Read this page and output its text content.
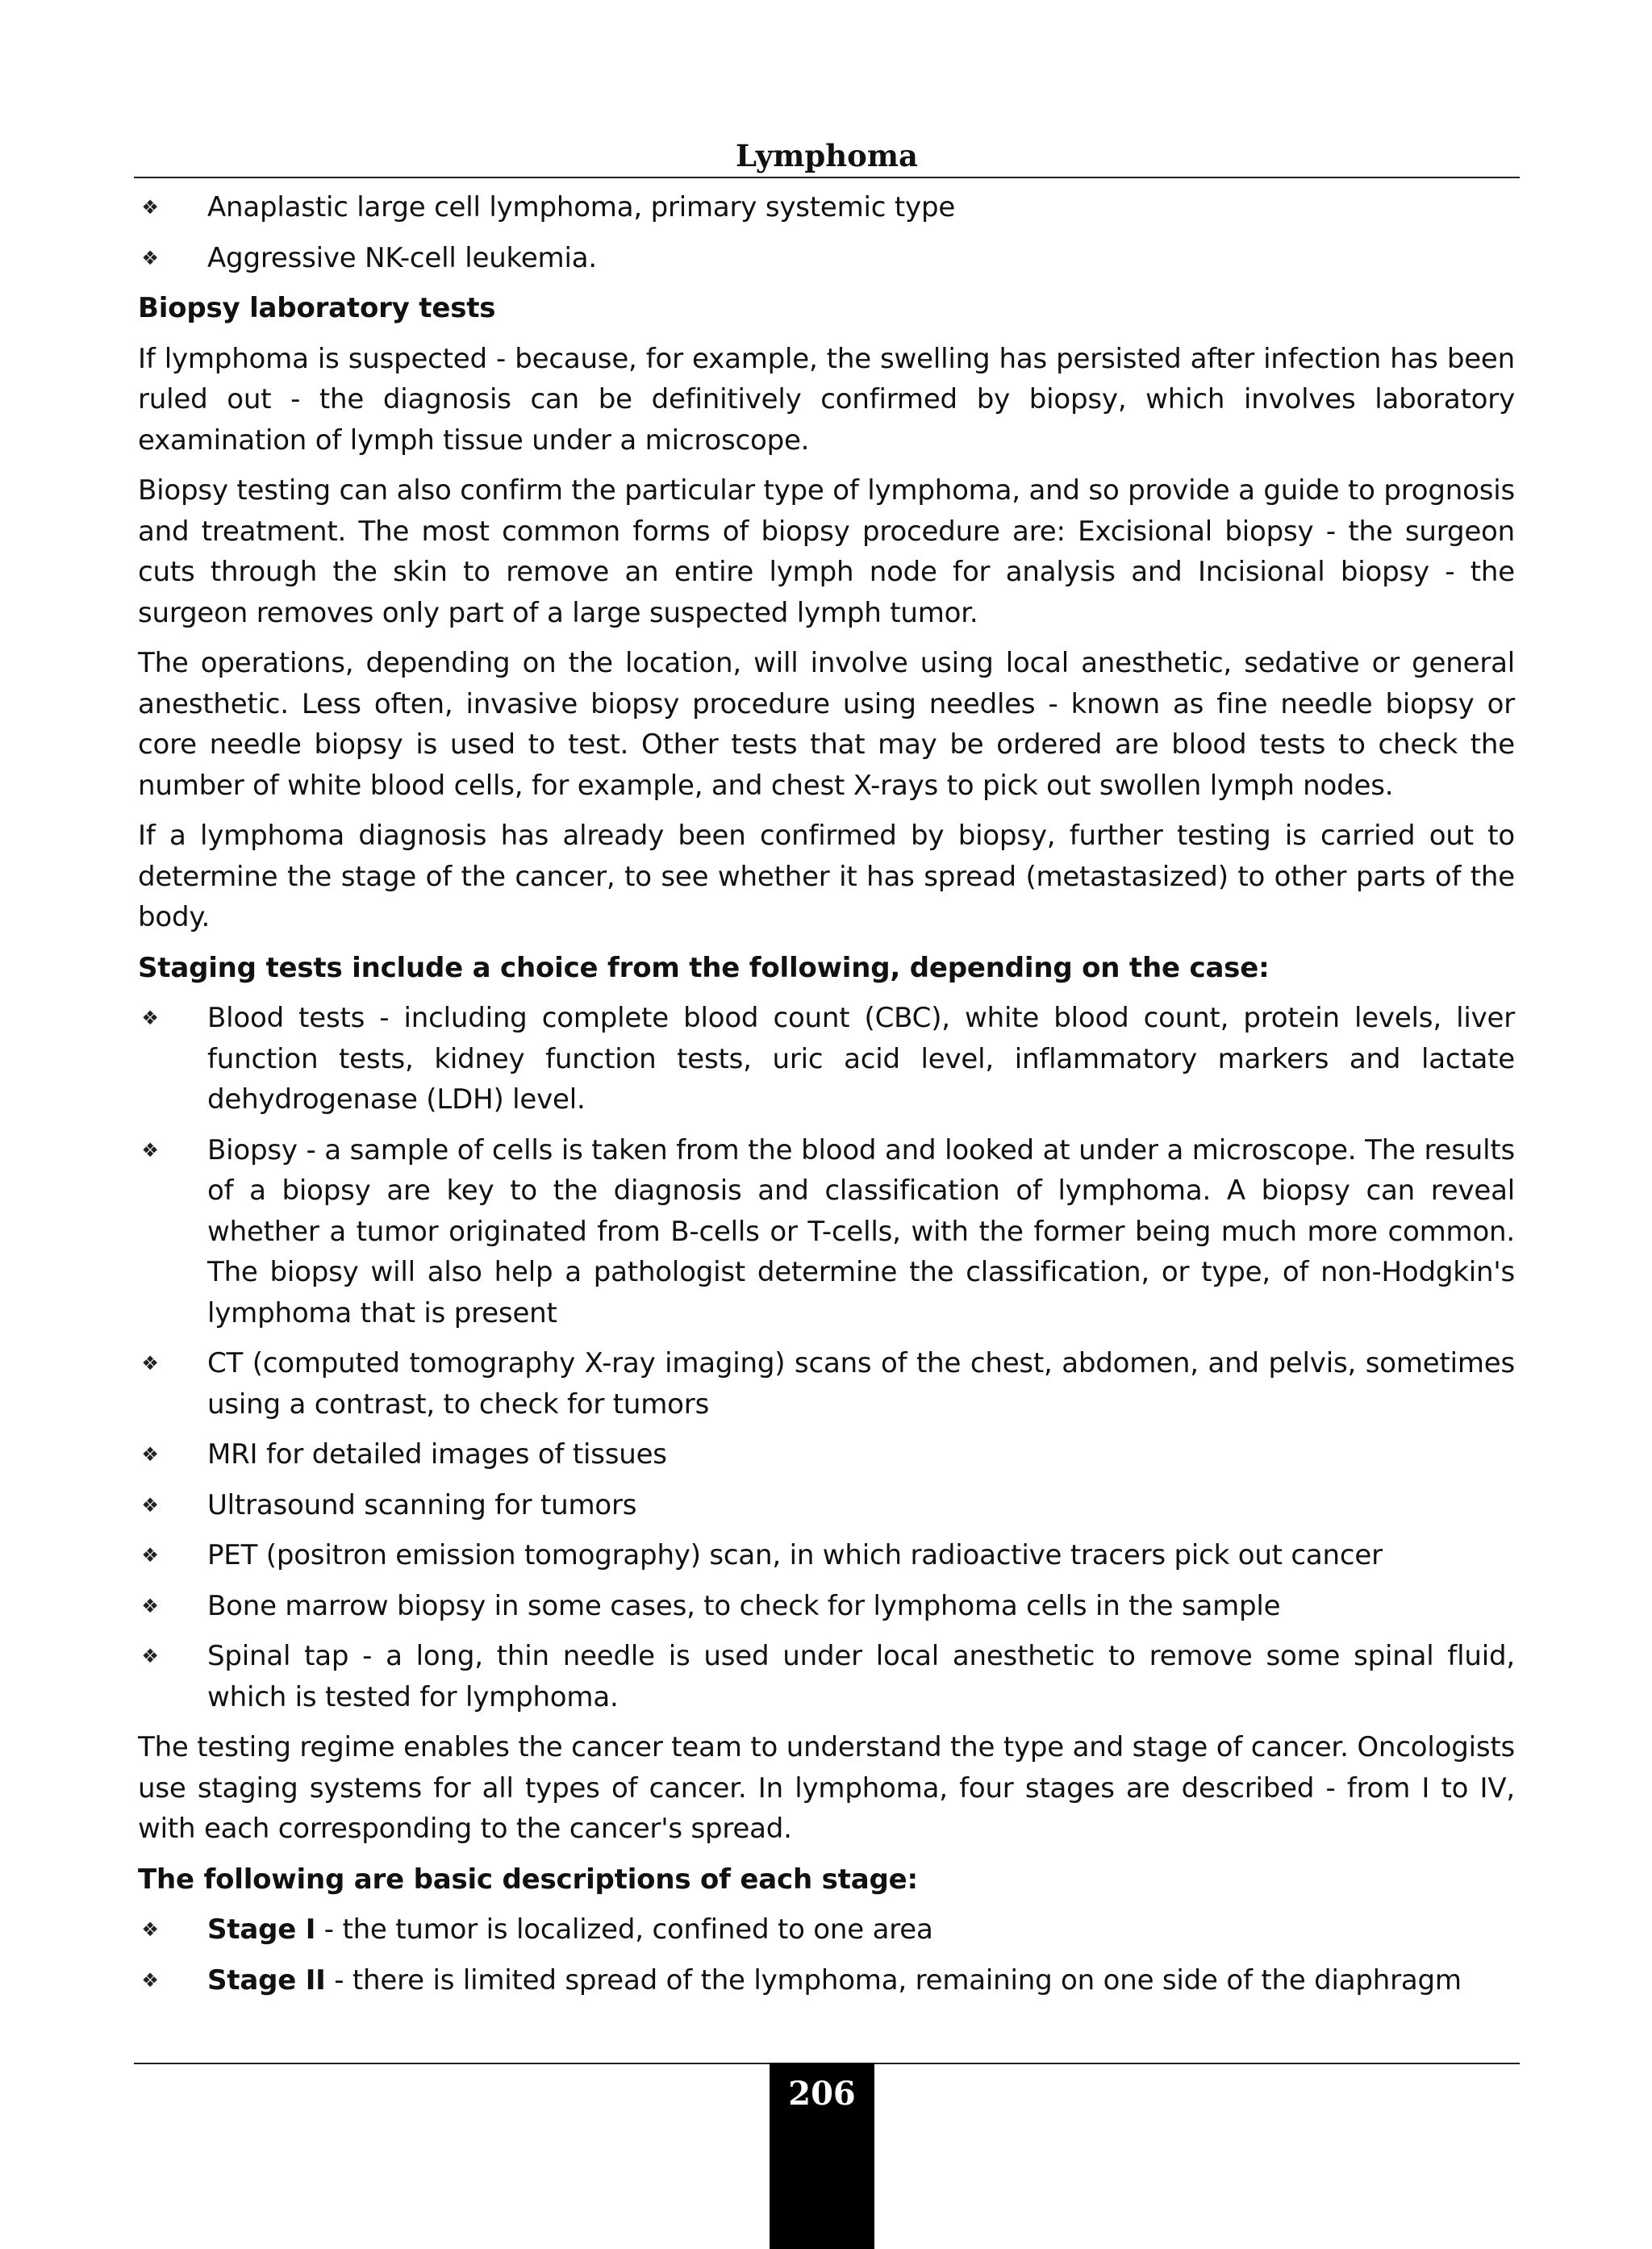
Lymphoma
❖ Anaplastic large cell lymphoma, primary systemic type
❖ Aggressive NK-cell leukemia.
Biopsy laboratory tests

If lymphoma is suspected - because, for example, the swelling has persisted after infection has been ruled out - the diagnosis can be definitively confirmed by biopsy, which involves laboratory examination of lymph tissue under a microscope.

Biopsy testing can also confirm the particular type of lymphoma, and so provide a guide to prognosis and treatment. The most common forms of biopsy procedure are: Excisional biopsy - the surgeon cuts through the skin to remove an entire lymph node for analysis and Incisional biopsy - the surgeon removes only part of a large suspected lymph tumor.

The operations, depending on the location, will involve using local anesthetic, sedative or general anesthetic. Less often, invasive biopsy procedure using needles - known as fine needle biopsy or core needle biopsy is used to test. Other tests that may be ordered are blood tests to check the number of white blood cells, for example, and chest X-rays to pick out swollen lymph nodes.

If a lymphoma diagnosis has already been confirmed by biopsy, further testing is carried out to determine the stage of the cancer, to see whether it has spread (metastasized) to other parts of the body.

Staging tests include a choice from the following, depending on the case:
❖ Blood tests - including complete blood count (CBC), white blood count, protein levels, liver function tests, kidney function tests, uric acid level, inflammatory markers and lactate dehydrogenase (LDH) level.
❖ Biopsy - a sample of cells is taken from the blood and looked at under a microscope. The results of a biopsy are key to the diagnosis and classification of lymphoma. A biopsy can reveal whether a tumor originated from B-cells or T-cells, with the former being much more common. The biopsy will also help a pathologist determine the classification, or type, of non-Hodgkin's lymphoma that is present
❖ CT (computed tomography X-ray imaging) scans of the chest, abdomen, and pelvis, sometimes using a contrast, to check for tumors
❖ MRI for detailed images of tissues
❖ Ultrasound scanning for tumors
❖ PET (positron emission tomography) scan, in which radioactive tracers pick out cancer
❖ Bone marrow biopsy in some cases, to check for lymphoma cells in the sample
❖ Spinal tap - a long, thin needle is used under local anesthetic to remove some spinal fluid, which is tested for lymphoma.

The testing regime enables the cancer team to understand the type and stage of cancer. Oncologists use staging systems for all types of cancer. In lymphoma, four stages are described - from I to IV, with each corresponding to the cancer's spread.

The following are basic descriptions of each stage:
❖ Stage I - the tumor is localized, confined to one area
❖ Stage II - there is limited spread of the lymphoma, remaining on one side of the diaphragm
206
